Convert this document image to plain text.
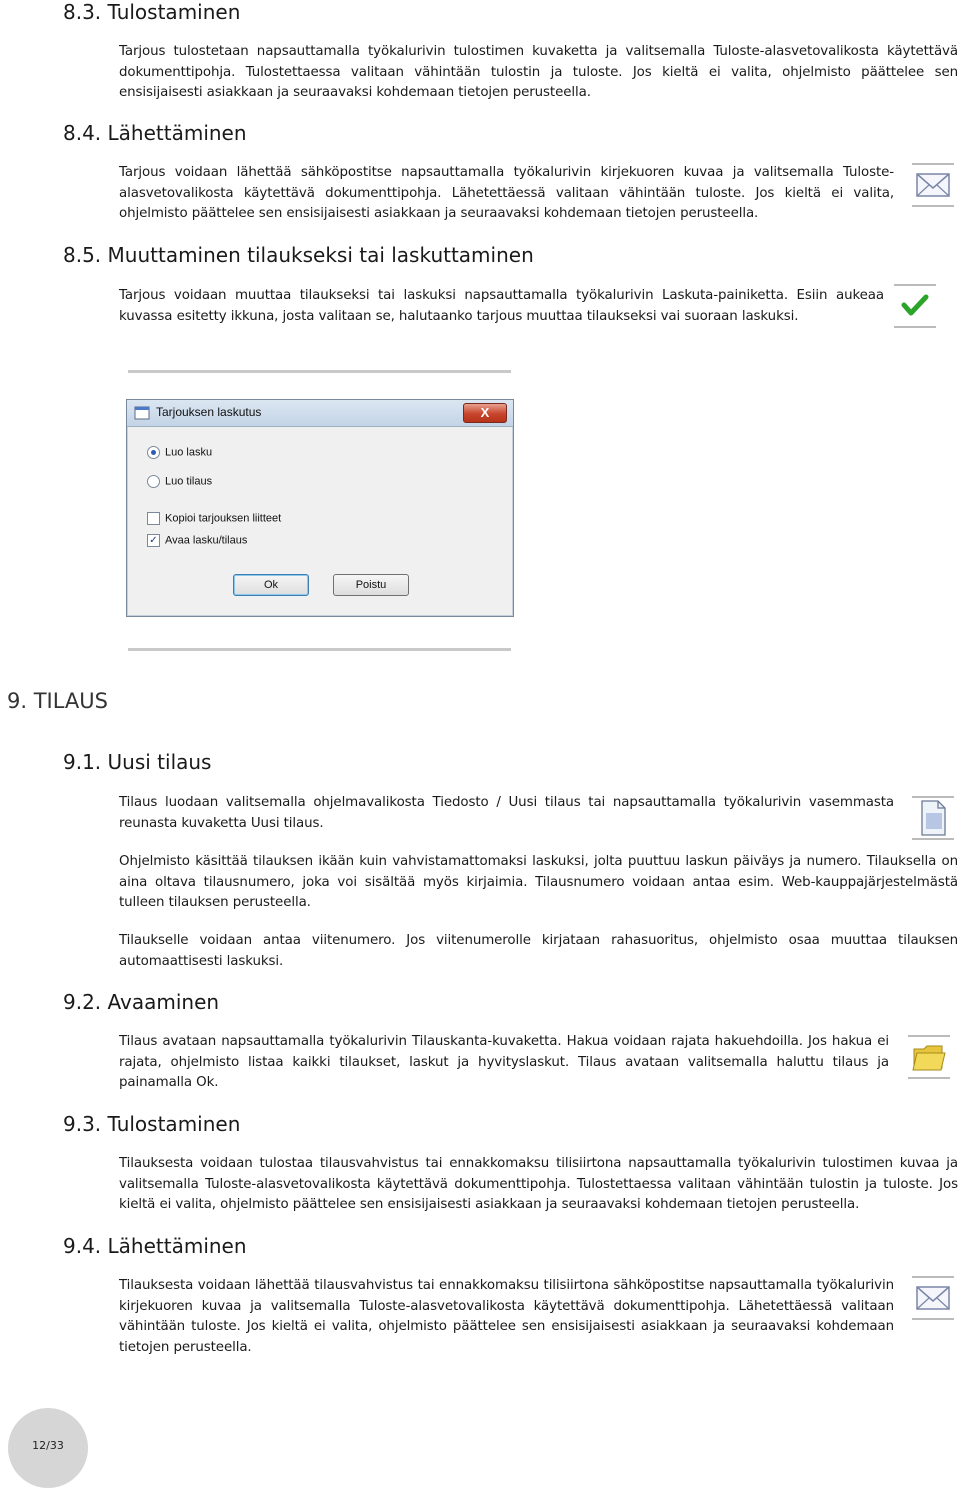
8.3. Tulostaminen

Tarjous tulostetaan napsauttamalla työkalurivin tulostimen kuvaketta ja valitsemalla Tuloste-alasvetovalikosta käytettävä dokumenttipohja. Tulostettaessa valitaan vähintään tulostin ja tuloste. Jos kieltä ei valita, ohjelmisto päättelee sen ensisijaisesti asiakkaan ja seuraavaksi kohdemaan tietojen perusteella.

8.4. Lähettäminen

Tarjous voidaan lähettää sähköpostitse napsauttamalla työkalurivin kirjekuoren kuvaa ja valitsemalla Tuloste-alasvetovalikosta käytettävä dokumenttipohja. Lähetettäessä valitaan vähintään tuloste. Jos kieltä ei valita, ohjelmisto päättelee sen ensisijaisesti asiakkaan ja seuraavaksi kohdemaan tietojen perusteella.

8.5. Muuttaminen tilaukseksi tai laskuttaminen

Tarjous voidaan muuttaa tilaukseksi tai laskuksi napsauttamalla työkalurivin Laskuta-painiketta. Esiin aukeaa kuvassa esitetty ikkuna, josta valitaan se, halutaanko tarjous muuttaa tilaukseksi vai suoraan laskuksi.

Tarjouksen laskutus	X
Luo lasku
Luo tilaus
Kopioi tarjouksen liitteet
✓ Avaa lasku/tilaus
Ok	Poistu
9. TILAUS
9.1. Uusi tilaus

Tilaus luodaan valitsemalla ohjelmavalikosta Tiedosto / Uusi tilaus tai napsauttamalla työkalurivin vasemmasta reunasta kuvaketta Uusi tilaus.

Ohjelmisto käsittää tilauksen ikään kuin vahvistamattomaksi laskuksi, jolta puuttuu laskun päiväys ja numero. Tilauksella on aina oltava tilausnumero, joka voi sisältää myös kirjaimia. Tilausnumero voidaan antaa esim. Web-kauppajärjestelmästä tulleen tilauksen perusteella.

Tilaukselle voidaan antaa viitenumero. Jos viitenumerolle kirjataan rahasuoritus, ohjelmisto osaa muuttaa tilauksen automaattisesti laskuksi.

9.2. Avaaminen

Tilaus avataan napsauttamalla työkalurivin Tilauskanta-kuvaketta. Hakua voidaan rajata hakuehdoilla. Jos hakua ei rajata, ohjelmisto listaa kaikki tilaukset, laskut ja hyvityslaskut. Tilaus avataan valitsemalla haluttu tilaus ja painamalla Ok.

9.3. Tulostaminen

Tilauksesta voidaan tulostaa tilausvahvistus tai ennakkomaksu tilisiirtona napsauttamalla työkalurivin tulostimen kuvaa ja valitsemalla Tuloste-alasvetovalikosta käytettävä dokumenttipohja. Tulostettaessa valitaan vähintään tulostin ja tuloste. Jos kieltä ei valita, ohjelmisto päättelee sen ensisijaisesti asiakkaan ja seuraavaksi kohdemaan tietojen perusteella.

9.4. Lähettäminen

Tilauksesta voidaan lähettää tilausvahvistus tai ennakkomaksu tilisiirtona sähköpostitse napsauttamalla työkalurivin kirjekuoren kuvaa ja valitsemalla Tuloste-alasvetovalikosta käytettävä dokumenttipohja. Lähetettäessä valitaan vähintään tuloste. Jos kieltä ei valita, ohjelmisto päättelee sen ensisijaisesti asiakkaan ja seuraavaksi kohdemaan tietojen perusteella.

12/33
